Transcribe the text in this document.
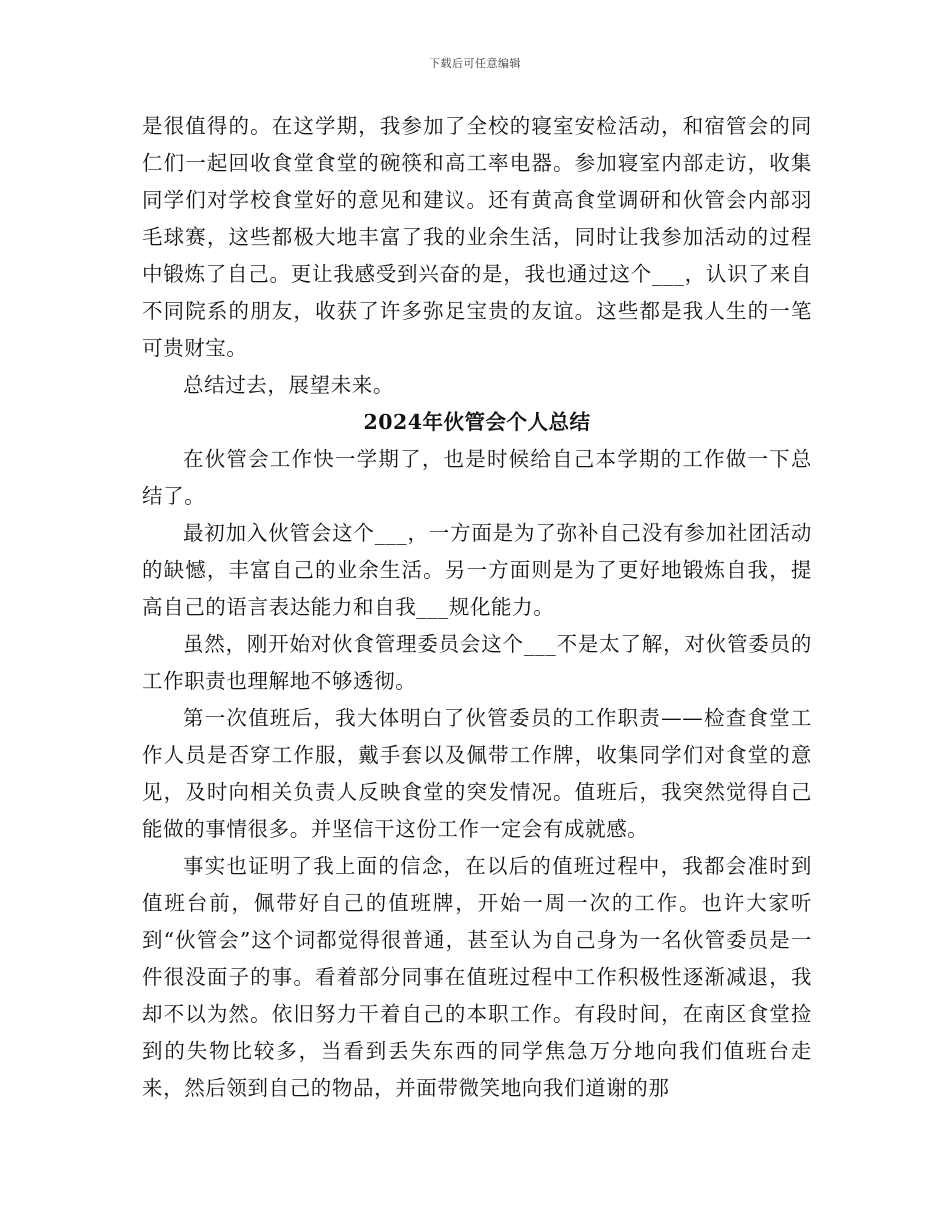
下载后可任意编辑

是很值得的。在这学期，我参加了全校的寝室安检活动，和宿管会的同仁们一起回收食堂食堂的碗筷和高工率电器。参加寝室内部走访，收集同学们对学校食堂好的意见和建议。还有黄高食堂调研和伙管会内部羽毛球赛，这些都极大地丰富了我的业余生活，同时让我参加活动的过程中锻炼了自己。更让我感受到兴奋的是，我也通过这个___，认识了来自不同院系的朋友，收获了许多弥足宝贵的友谊。这些都是我人生的一笔可贵财宝。

总结过去，展望未来。

2024年伙管会个人总结

在伙管会工作快一学期了，也是时候给自己本学期的工作做一下总结了。

最初加入伙管会这个___，一方面是为了弥补自己没有参加社团活动的缺憾，丰富自己的业余生活。另一方面则是为了更好地锻炼自我，提高自己的语言表达能力和自我___规化能力。

虽然，刚开始对伙食管理委员会这个___不是太了解，对伙管委员的工作职责也理解地不够透彻。

第一次值班后，我大体明白了伙管委员的工作职责——检查食堂工作人员是否穿工作服，戴手套以及佩带工作牌，收集同学们对食堂的意见，及时向相关负责人反映食堂的突发情况。值班后，我突然觉得自己能做的事情很多。并坚信干这份工作一定会有成就感。

事实也证明了我上面的信念，在以后的值班过程中，我都会准时到值班台前，佩带好自己的值班牌，开始一周一次的工作。也许大家听到“伙管会”这个词都觉得很普通，甚至认为自己身为一名伙管委员是一件很没面子的事。看着部分同事在值班过程中工作积极性逐渐减退，我却不以为然。依旧努力干着自己的本职工作。有段时间，在南区食堂捡到的失物比较多，当看到丢失东西的同学焦急万分地向我们值班台走来，然后领到自己的物品，并面带微笑地向我们道谢的那
